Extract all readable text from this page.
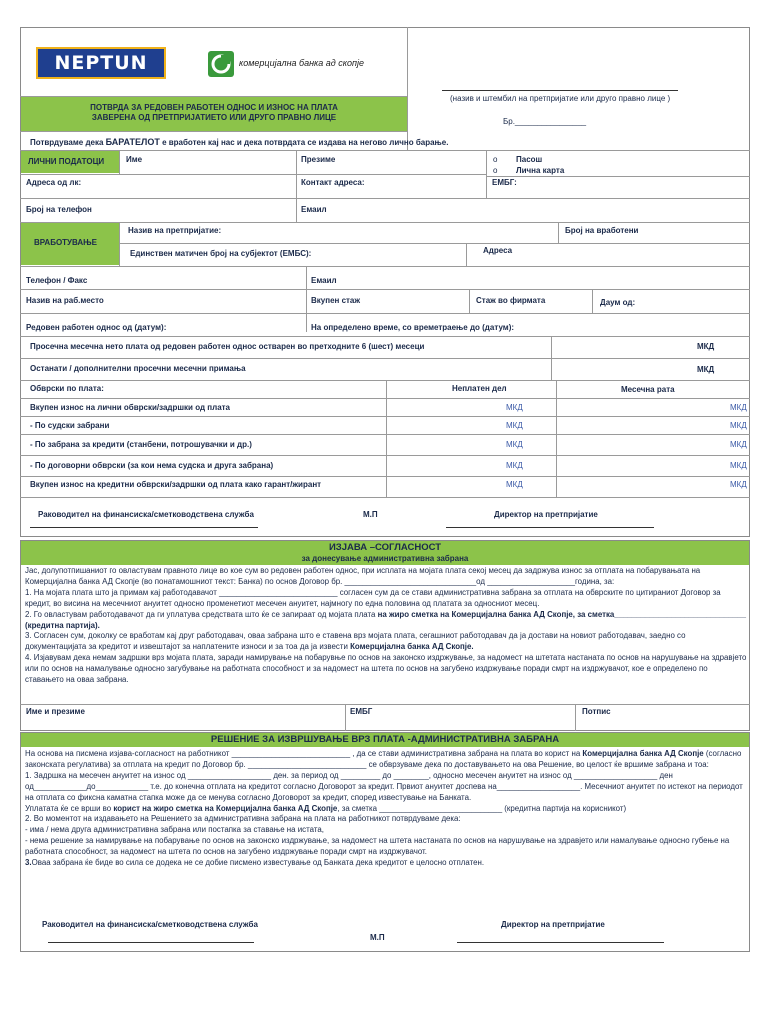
NEPTUN	комерцијална банка ад скопје
(назив и штембил на претпријатие или друго правно лице )
Бр.________________
ПОТВРДА ЗА РЕДОВЕН РАБОТЕН ОДНОС И ИЗНОС НА ПЛАТА
ЗАВЕРЕНА ОД ПРЕТПРИЈАТИЕТО ИЛИ ДРУГО ПРАВНО ЛИЦЕ
Потврдуваме дека БАРАТЕЛОТ е вработен кај нас и дека потврдата се издава на негово лично барање.
ЛИЧНИ ПОДАТОЦИ	Име	Презиме	o Пасош
o Лична карта
Адреса од лк:	Контакт адреса:	ЕМБГ:
Број на телефон	Емаил
ВРАБОТУВАЊЕ
Назив на претпријатие:	Број на вработени
Единствен матичен број на субјектот (ЕМБС):	Адреса
Телефон / Факс	Емаил
Назив на раб.место	Вкупен стаж	Стаж во фирмата	Даум од:
Редовен работен однос од (датум):	На определено време, со времетраење до (датум):
Просечна месечна нето плата од редовен работен однос остварен во претходните 6 (шест) месеци	МКД
Останати / дополнителни просечни месечни примања	МКД
Обврски по плата:	Неплатен дел	Месечна рата
Вкупен износ на лични обврски/задршки од плата	МКД	МКД
- По судски забрани	МКД	МКД
- По забрана за кредити (станбени, потрошувачки и др.)	МКД	МКД
- По договорни обврски (за кои нема судска и друга забрана)	МКД	МКД
Вкупен износ на кредитни обврски/задршки од плата како гарант/жирант	МКД	МКД
Раководител на финансиска/сметководствена служба	М.П	Директор на претпријатие
ИЗЈАВА –СОГЛАСНОСТ
за донесување административна забрана
Јас, долупотпишаниот го овластувам правното лице во кое сум во редовен работен однос, при исплата на мојата плата секој месец да задржува износ за отплата на побарувањата на Комерцијална банка АД Скопје (во понатамошниот текст: Банка) по основ Договор бр. ______________________________од ____________________година, за:
1. На мојата плата што ја примам кај работодавачот ___________________________ согласен сум да се стави административна забрана за отплата на обврските по цитираниот Договор за кредит, во висина на месечниот ануитет односно променетиот месечен ануитет, најмногу по една половина од платата за односниот месец.
2. Го овластувам работодавачот да ги уплатува средствата што ќе се запираат од мојата плата на жиро сметка на Комерцијална банка АД Скопје, за сметка______________________________ (кредитна партија).
3. Согласен сум, доколку се вработам кај друг работодавач, оваа забрана што е ставена врз мојата плата, сегашниот работодавач да ја достави на новиот работодавач, заедно со документацијата за кредитот и извештајот за наплатените износи и за тоа да ја извести Комерцијална банка АД Скопје.
4. Изјавувам дека немам задршки врз мојата плата, заради намирување на побарувње по основ на законско издржување, за надомест на штетата настаната по основ на нарушување на здравјето или по основ на намалување односно загубување на работната способност и за надомест на штета по основ на загубено издржување поради смрт на издржувачот, кое е определено по ставањето на оваа забрана.
Име и презиме	ЕМБГ	Потпис
РЕШЕНИЕ ЗА ИЗВРШУВАЊЕ ВРЗ ПЛАТА -АДМИНИСТРАТИВНА ЗАБРАНА
На основа на писмена изјава-согласност на работникот ___________________________ , да се стави административна забрана на плата во корист на Комерцијална банка АД Скопје (согласно законската регулатива) за отплата на кредит по Договор бр. ___________________________ се обврзуваме дека по доставувањето на ова Решение, во целост ќе вршиме забрана и тоа:
1. Задршка на месечен ануитет на износ од ___________________ ден. за период од _________ до ________, односно месечен ануитет на износ од ___________________ ден од____________до____________ т.е. до конечна отплата на кредитот согласно Договорот за кредит. Првиот ануитет доспева на___________________. Месечниот ануитет по истекот на периодот на отплата со фиксна каматна стапка може да се менува согласно Договорот за кредит, според известување на Банката.
Уплатата ќе се врши во корист на жиро сметка на Комерцијална банка АД Скопје, за сметка ____________________________ (кредитна партија на корисникот)
2. Во моментот на издавањето на Решението за административна забрана на плата на работникот потврдуваме дека:
- има / нема друга административна забрана или постапка за ставање на истата,
- нема решение за намирување на побарување по основ на законско издржување, за надомест на штета настаната по основ на нарушување на здравјето или намалување односно губење на работната способност, за надомест на штета по основ на загубено издржување поради смрт на издржувачот.
3.Оваа забрана ќе биде во сила се додека не се добие писмено известување од Банката дека кредитот е целосно отплатен.
Раководител на финансиска/сметководствена служба
М.П
Директор на претпријатие
